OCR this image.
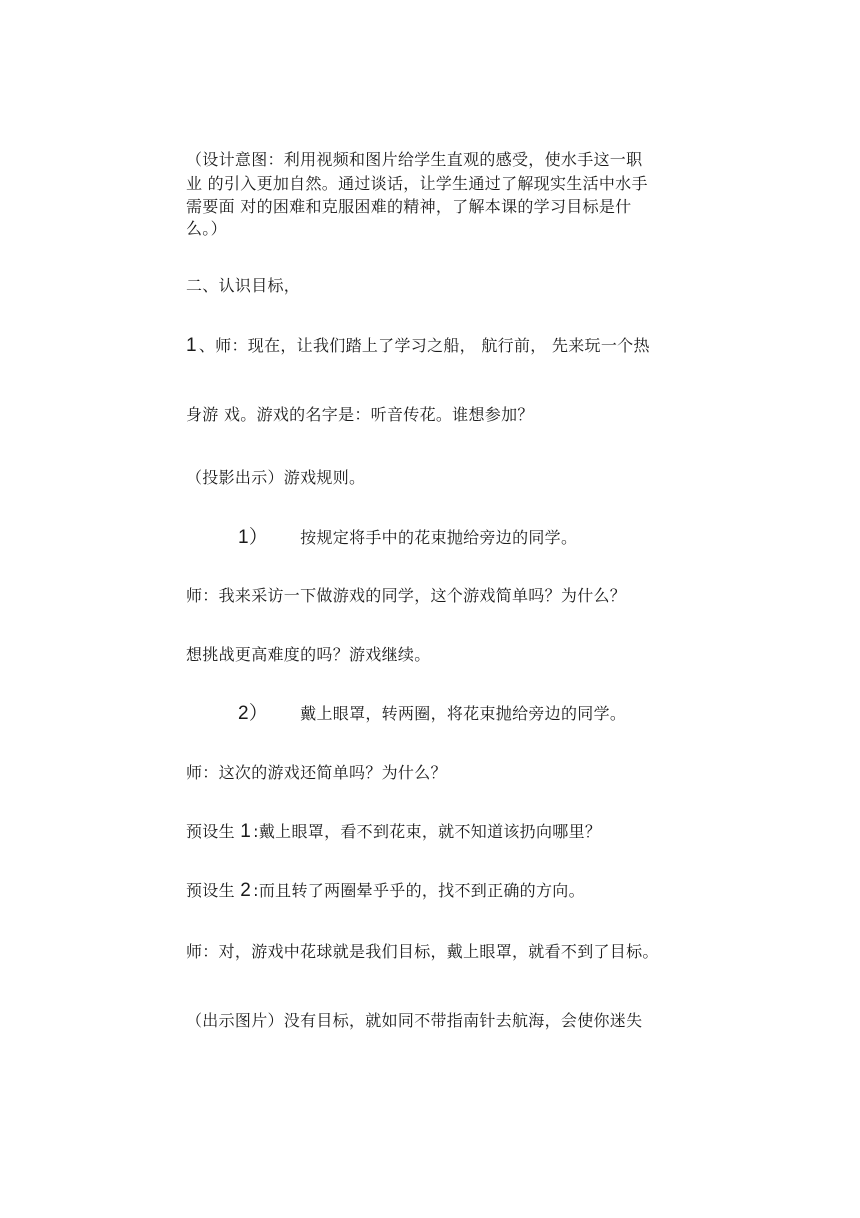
（设计意图：利用视频和图片给学生直观的感受，使水手这一职
业 的引入更加自然。通过谈话，让学生通过了解现实生活中水手
需要面 对的困难和克服困难的精神，了解本课的学习目标是什
么。）
二、认识目标，
1 、师：现在，让我们踏上了学习之船， 航行前， 先来玩一个热
身游 戏。游戏的名字是：听音传花。谁想参加？
（投影出示）游戏规则。
1） 按规定将手中的花束抛给旁边的同学。
师：我来采访一下做游戏的同学，这个游戏简单吗？为什么？
想挑战更高难度的吗？游戏继续。
2） 戴上眼罩，转两圈，将花束抛给旁边的同学。
师：这次的游戏还简单吗？为什么？
预设生 1 :戴上眼罩，看不到花束，就不知道该扔向哪里？
预设生 2 :而且转了两圈晕乎乎的，找不到正确的方向。
师：对，游戏中花球就是我们目标，戴上眼罩，就看不到了目标。
（出示图片）没有目标，就如同不带指南针去航海，会使你迷失
